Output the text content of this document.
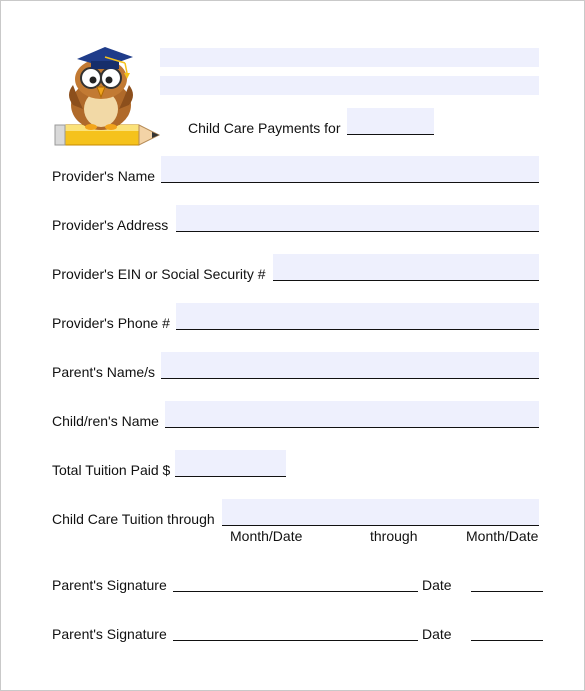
Child Care Payments for
Provider's Name
Provider's Address
Provider's EIN or Social Security #
Provider's Phone #
Parent's Name/s
Child/ren's Name
Total Tuition Paid $
Child Care Tuition through
Month/Date	through	Month/Date
Parent's Signature	Date
Parent's Signature	Date
